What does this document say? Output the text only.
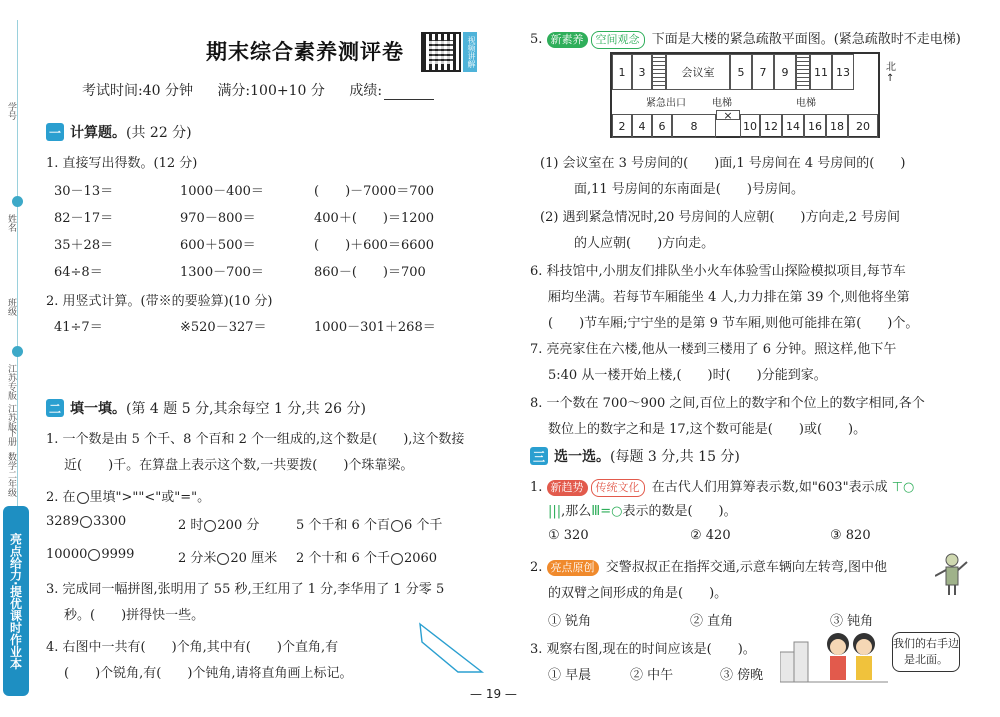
学号
姓名
班级
江苏专版
江苏版
下册
数学二年级
亮点给力·提优课时作业本
期末综合素养测评卷	视频讲解
考试时间:40 分钟 满分:100+10 分 成绩:
一 计算题。 (共 22 分)
1. 直接写出得数。(12 分)
30－13＝	1000－400＝	(　　)－7000＝700
82－17＝	970－800＝	400＋(　　)＝1200
35＋28＝	600＋500＝	(　　)＋600＝6600
64÷8＝	1300－700＝	860－(　　)＝700
2. 用竖式计算。(带※的要验算)(10 分)
41÷7＝	※520－327＝	1000－301＋268＝
二 填一填。 (第 4 题 5 分,其余每空 1 分,共 26 分)
1. 一个数是由 5 个千、8 个百和 2 个一组成的,这个数是(　　),这个数接
近(　　)千。在算盘上表示这个数,一共要拨(　　)个珠靠梁。
2. 在 里填">""<"或"="。
3289 3300	2 时 200 分	5 个千和 6 个百 6 个千
10000 9999	2 分米 20 厘米 2 个十和 6 个千 2060
3. 完成同一幅拼图,张明用了 55 秒,王红用了 1 分,李华用了 1 分零 5
秒。(　　)拼得快一些。
4. 右图中一共有(　　)个角,其中有(　　)个直角,有
(　　)个锐角,有(　　)个钝角,请将直角画上标记。
5. 新素养 空间观念 下面是大楼的紧急疏散平面图。(紧急疏散时不走电梯)
1	3	会议室	5	7	9	11 13
紧急出口	电梯	电梯
2	4	6	8
×
10 12 14 16 18	20
北
↑
(1) 会议室在 3 号房间的(　　)面,1 号房间在 4 号房间的(　　)
面,11 号房间的东南面是(　　)号房间。
(2) 遇到紧急情况时,20 号房间的人应朝(　　)方向走,2 号房间
的人应朝(　　)方向走。
6. 科技馆中,小朋友们排队坐小火车体验雪山探险模拟项目,每节车
厢均坐满。若每节车厢能坐 4 人,力力排在第 39 个,则他将坐第
(　　)节车厢;宁宁坐的是第 9 节车厢,则他可能排在第(　　)个。
7. 亮亮家住在六楼,他从一楼到三楼用了 6 分钟。照这样,他下午
5:40 从一楼开始上楼,(　　)时(　　)分能到家。
8. 一个数在 700～900 之间,百位上的数字和个位上的数字相同,各个
数位上的数字之和是 17,这个数可能是(　　)或(　　)。
三 选一选。 (每题 3 分,共 15 分)
1. 新趋势 传统文化 在古代人们用算筹表示数,如"603"表示成 ⊤○
|||,那么Ⅲ=○表示的数是(　　)。
① 320	② 420	③ 820
2. 亮点原创 交警叔叔正在指挥交通,示意车辆向左转弯,图中他
的双臂之间形成的角是(　　)。
① 锐角	② 直角	③ 钝角
3. 观察右图,现在的时间应该是(　　)。
① 早晨	② 中午	③ 傍晚
我们的右手边是北面。
— 19 —
